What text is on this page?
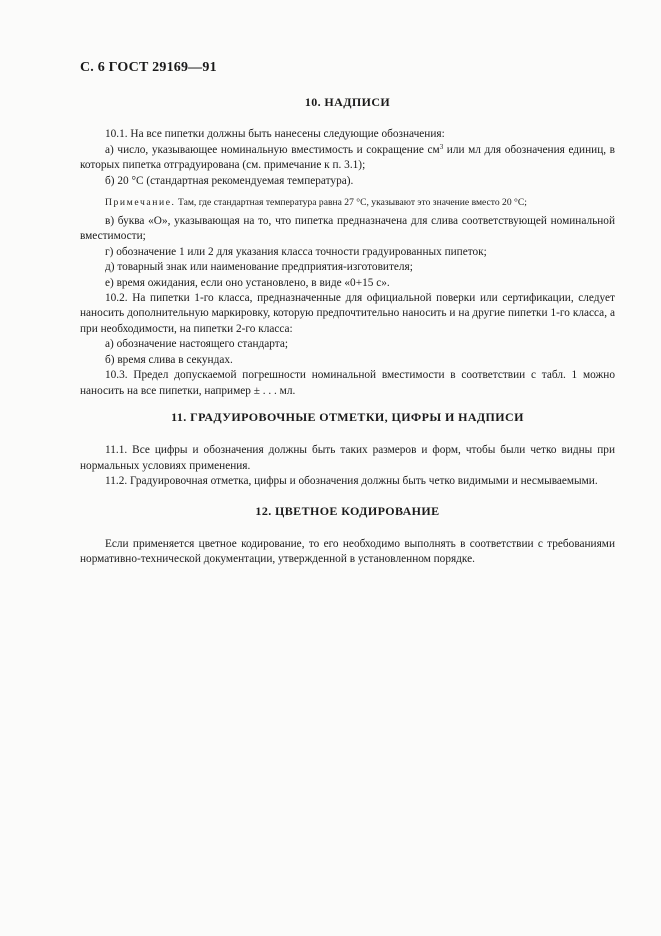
С. 6 ГОСТ 29169—91
10. НАДПИСИ

10.1. На все пипетки должны быть нанесены следующие обозначения:

а) число, указывающее номинальную вместимость и сокращение $см^3$ или мл для обозначения единиц, в которых пипетка отградуирована (см. примечание к п. 3.1);

б) 20 °С (стандартная рекомендуемая температура).

Примечание. Там, где стандартная температура равна 27 °С, указывают это значение вместо 20 °С;

в) буква «О», указывающая на то, что пипетка предназначена для слива соответствующей номинальной вместимости;

г) обозначение 1 или 2 для указания класса точности градуированных пипеток;

д) товарный знак или наименование предприятия-изготовителя;

е) время ожидания, если оно установлено, в виде «0+15 с».

10.2. На пипетки 1-го класса, предназначенные для официальной поверки или сертификации, следует наносить дополнительную маркировку, которую предпочтительно наносить и на другие пипетки 1-го класса, а при необходимости, на пипетки 2-го класса:

а) обозначение настоящего стандарта;

б) время слива в секундах.

10.3. Предел допускаемой погрешности номинальной вместимости в соответствии с табл. 1 можно наносить на все пипетки, например ± . . . мл.

11. ГРАДУИРОВОЧНЫЕ ОТМЕТКИ, ЦИФРЫ И НАДПИСИ

11.1. Все цифры и обозначения должны быть таких размеров и форм, чтобы были четко видны при нормальных условиях применения.

11.2. Градуировочная отметка, цифры и обозначения должны быть четко видимыми и несмываемыми.

12. ЦВЕТНОЕ КОДИРОВАНИЕ

Если применяется цветное кодирование, то его необходимо выполнять в соответствии с требованиями нормативно-технической документации, утвержденной в установленном порядке.
